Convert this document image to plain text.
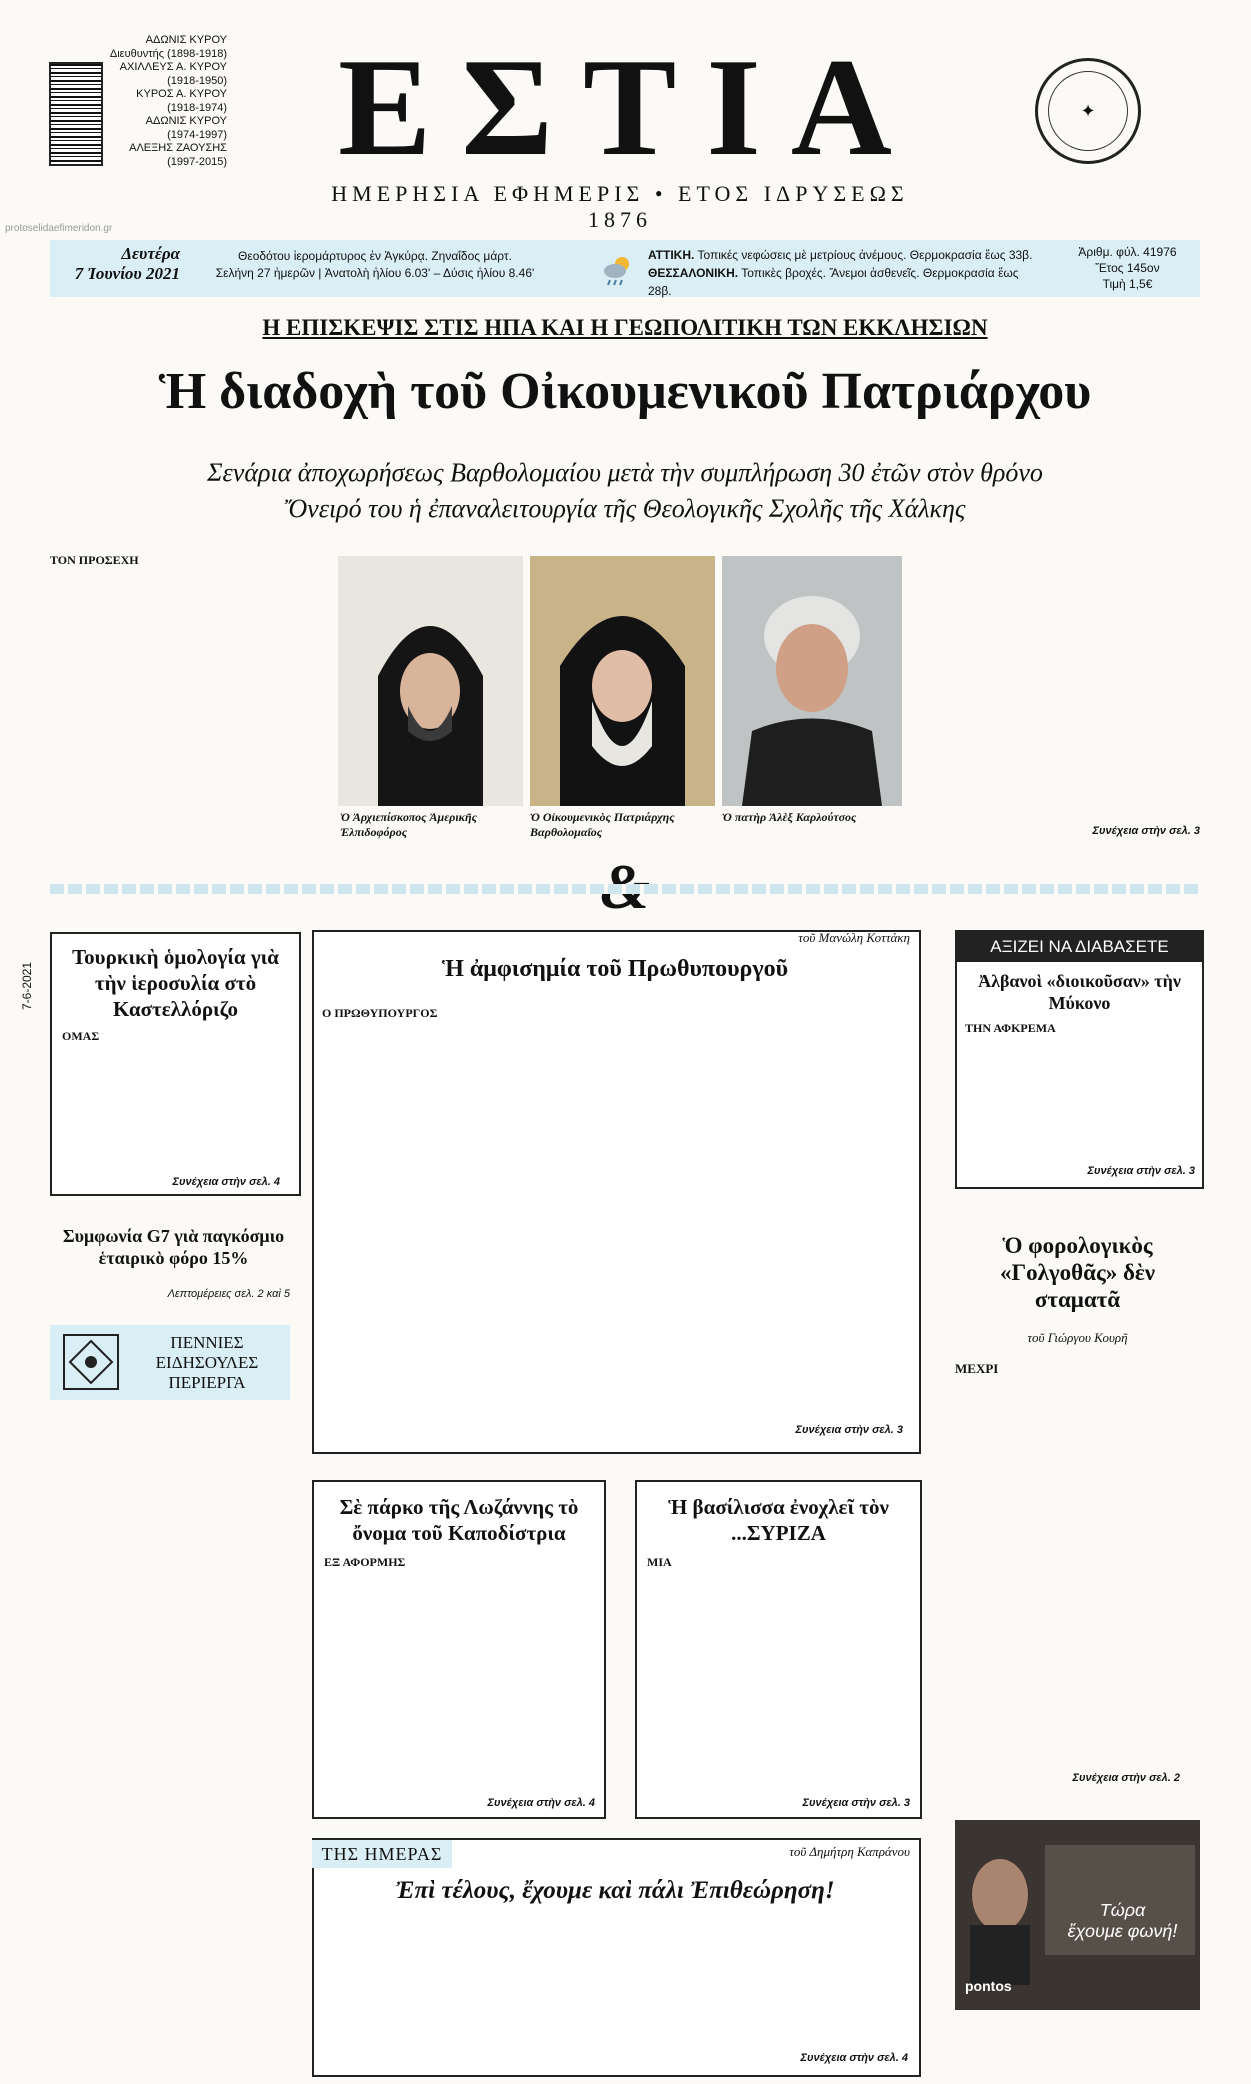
ΑΔΩΝΙΣ ΚΥΡΟΥ
Διευθυντής (1898-1918)
ΑΧΙΛΛΕΥΣ Α. ΚΥΡΟΥ
(1918-1950)
ΚΥΡΟΣ Α. ΚΥΡΟΥ
(1918-1974)
ΑΔΩΝΙΣ ΚΥΡΟΥ
(1974-1997)
ΑΛΕΞΗΣ ΖΑΟΥΣΗΣ
(1997-2015) ΕΣΤΙΑ
ΗΜΕΡΗΣΙΑ ΕΦΗΜΕΡΙΣ • ΕΤΟΣ ΙΔΡΥΣΕΩΣ 1876
✦
protoselidaefimeridon.gr
Δευτέρα
7 Ἰουνίου 2021
Θεοδότου ἱερομάρτυρος ἐν Ἀγκύρᾳ. Ζηναΐδος μάρτ.
Σελήνη 27 ἡμερῶν | Ἀνατολὴ ἡλίου 6.03' – Δύσις ἡλίου 8.46'
ΑΤΤΙΚΗ. Τοπικές νεφώσεις μὲ μετρίους ἀνέμους. Θερμοκρασία ἕως 33β.
ΘΕΣΣΑΛΟΝΙΚΗ. Τοπικὲς βροχές. Ἄνεμοι ἀσθενεῖς. Θερμοκρασία ἕως 28β.
Ἀριθμ. φύλ. 41976
Ἔτος 145ον
Τιμὴ 1,5€
Η ΕΠΙΣΚΕΨΙΣ ΣΤΙΣ ΗΠΑ ΚΑΙ Η ΓΕΩΠΟΛΙΤΙΚΗ ΤΩΝ ΕΚΚΛΗΣΙΩΝ
Ἡ διαδοχὴ τοῦ Οἰκουμενικοῦ Πατριάρχου
Σενάρια ἀποχωρήσεως Βαρθολομαίου μετὰ τὴν συμπλήρωση 30 ἐτῶν στὸν θρόνο
Ὄνειρό του ἡ ἐπαναλειτουργία τῆς Θεολογικῆς Σχολῆς τῆς Χάλκης
ΤΟΝ ΠΡΟΣΕΧΗ
Ὁ Ἀρχιεπίσκοπος Ἀμερικῆς Ἐλπιδοφόρος
Ὁ Οἰκουμενικὸς Πατριάρχης Βαρθολομαῖος
Ὁ πατὴρ Ἀλὲξ Καρλούτσος
Συνέχεια στὴν σελ. 3
7-6-2021
Τουρκικὴ ὁμολογία γιὰ τὴν ἱεροσυλία στὸ Καστελλόριζο
ΟΜΑΣ
Συνέχεια στὴν σελ. 4
Συμφωνία G7 γιὰ παγκόσμιο ἑταιρικὸ φόρο 15%
Λεπτομέρειες σελ. 2 καὶ 5
ΠΕΝΝΙΕΣ ΕΙΔΗΣΟΥΛΕΣ ΠΕΡΙΕΡΓΑ

τοῦ Μανώλη Κοττάκη
Ἡ ἀμφισημία τοῦ Πρωθυπουργοῦ
Ο ΠΡΩΘΥΠΟΥΡΓΟΣ
Συνέχεια στὴν σελ. 3
ΑΞΙΖΕΙ ΝΑ ΔΙΑΒΑΣΕΤΕ
Ἀλβανοὶ «διοικοῦσαν» τὴν Μύκονο
ΤΗΝ ΑΦΚΡΕΜΑ
Συνέχεια στὴν σελ. 3
Ὁ φορολογικὸς «Γολγοθᾶς» δὲν σταματᾶ
τοῦ Γιώργου Κουρῆ
ΜΕΧΡΙ
Συνέχεια στὴν σελ. 2
Σὲ πάρκο τῆς Λωζάννης τὸ ὄνομα τοῦ Καποδίστρια
ΕΞ ΑΦΟΡΜΗΣ
Συνέχεια στὴν σελ. 4
Ἡ βασίλισσα ἐνοχλεῖ τὸν ...ΣΥΡΙΖΑ
ΜΙΑ
Συνέχεια στὴν σελ. 3
ΤΗΣ ΗΜΕΡΑΣ	τοῦ Δημήτρη Καπράνου
Ἐπὶ τέλους, ἔχουμε καὶ πάλι Ἐπιθεώρηση!
Συνέχεια στὴν σελ. 4
Τώρα
ἔχουμε φωνή!
pontos
